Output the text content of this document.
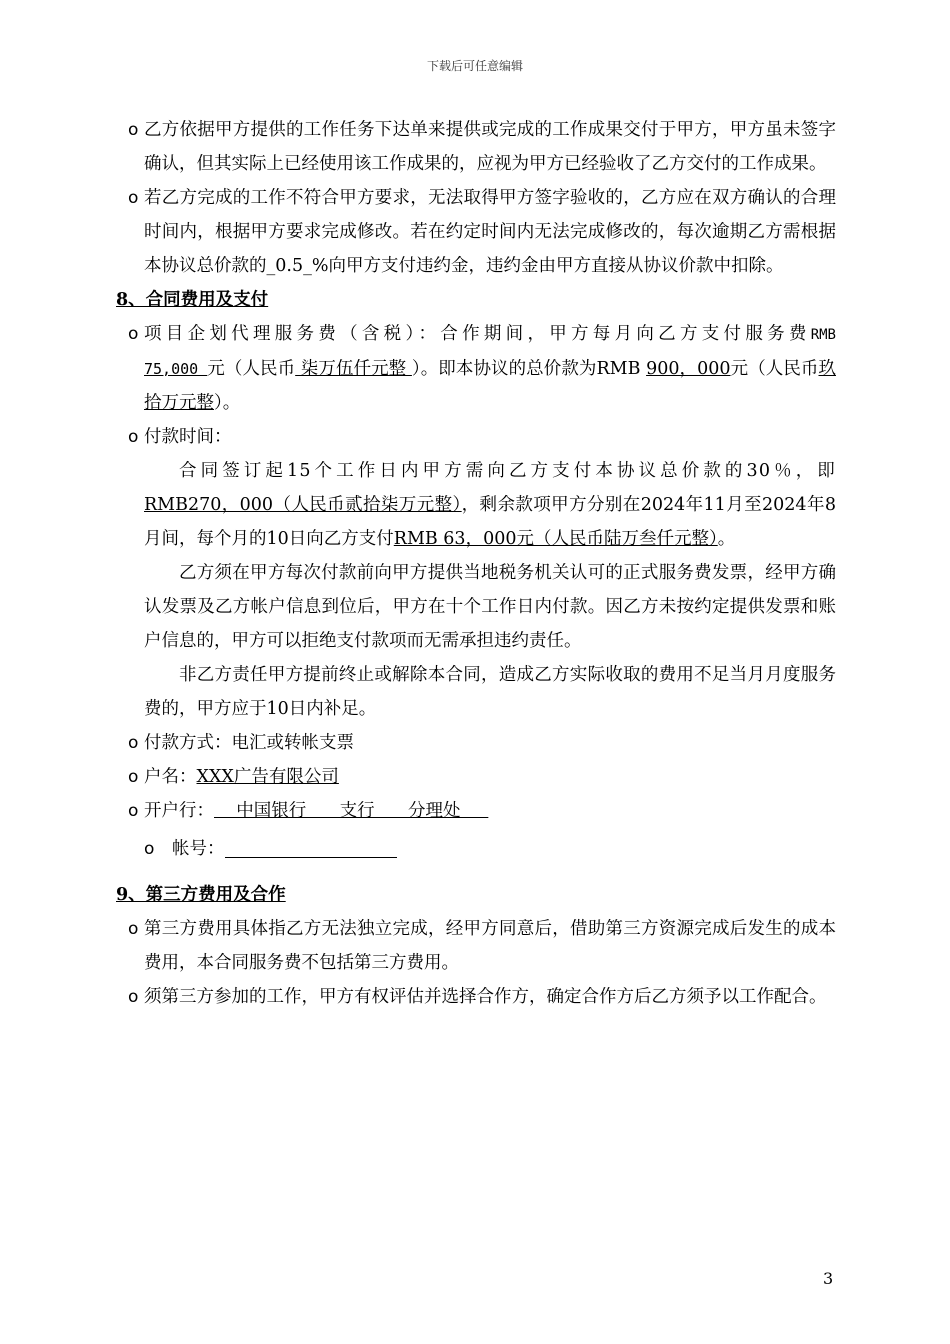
下载后可任意编辑

o 乙方依据甲方提供的工作任务下达单来提供或完成的工作成果交付于甲方，甲方虽未签字确认，但其实际上已经使用该工作成果的，应视为甲方已经验收了乙方交付的工作成果。

o 若乙方完成的工作不符合甲方要求，无法取得甲方签字验收的，乙方应在双方确认的合理时间内，根据甲方要求完成修改。若在约定时间内无法完成修改的，每次逾期乙方需根据本协议总价款的_0.5_%向甲方支付违约金，违约金由甲方直接从协议价款中扣除。

8、合同费用及支付

o 项目企划代理服务费（含税）：合作期间，甲方每月向乙方支付服务费RMB 75,000 元（人民币 柒万伍仟元整 ）。即本协议的总价款为RMB 900，000元（人民币玖拾万元整）。

o 付款时间：

合同签订起15个工作日内甲方需向乙方支付本协议总价款的30％，即RMB270，000（人民币贰拾柒万元整），剩余款项甲方分别在2024年11月至2024年8月间，每个月的10日向乙方支付RMB 63，000元（人民币陆万叁仟元整）。

乙方须在甲方每次付款前向甲方提供当地税务机关认可的正式服务费发票，经甲方确认发票及乙方帐户信息到位后，甲方在十个工作日内付款。因乙方未按约定提供发票和账户信息的，甲方可以拒绝支付款项而无需承担违约责任。

非乙方责任甲方提前终止或解除本合同，造成乙方实际收取的费用不足当月月度服务费的，甲方应于10日内补足。

o 付款方式：电汇或转帐支票

o 户名：XXX广告有限公司

o 开户行：    中国银行      支行      分理处

o 帐号：

9、第三方费用及合作

o 第三方费用具体指乙方无法独立完成，经甲方同意后，借助第三方资源完成后发生的成本费用，本合同服务费不包括第三方费用。

o 须第三方参加的工作，甲方有权评估并选择合作方，确定合作方后乙方须予以工作配合。

3
